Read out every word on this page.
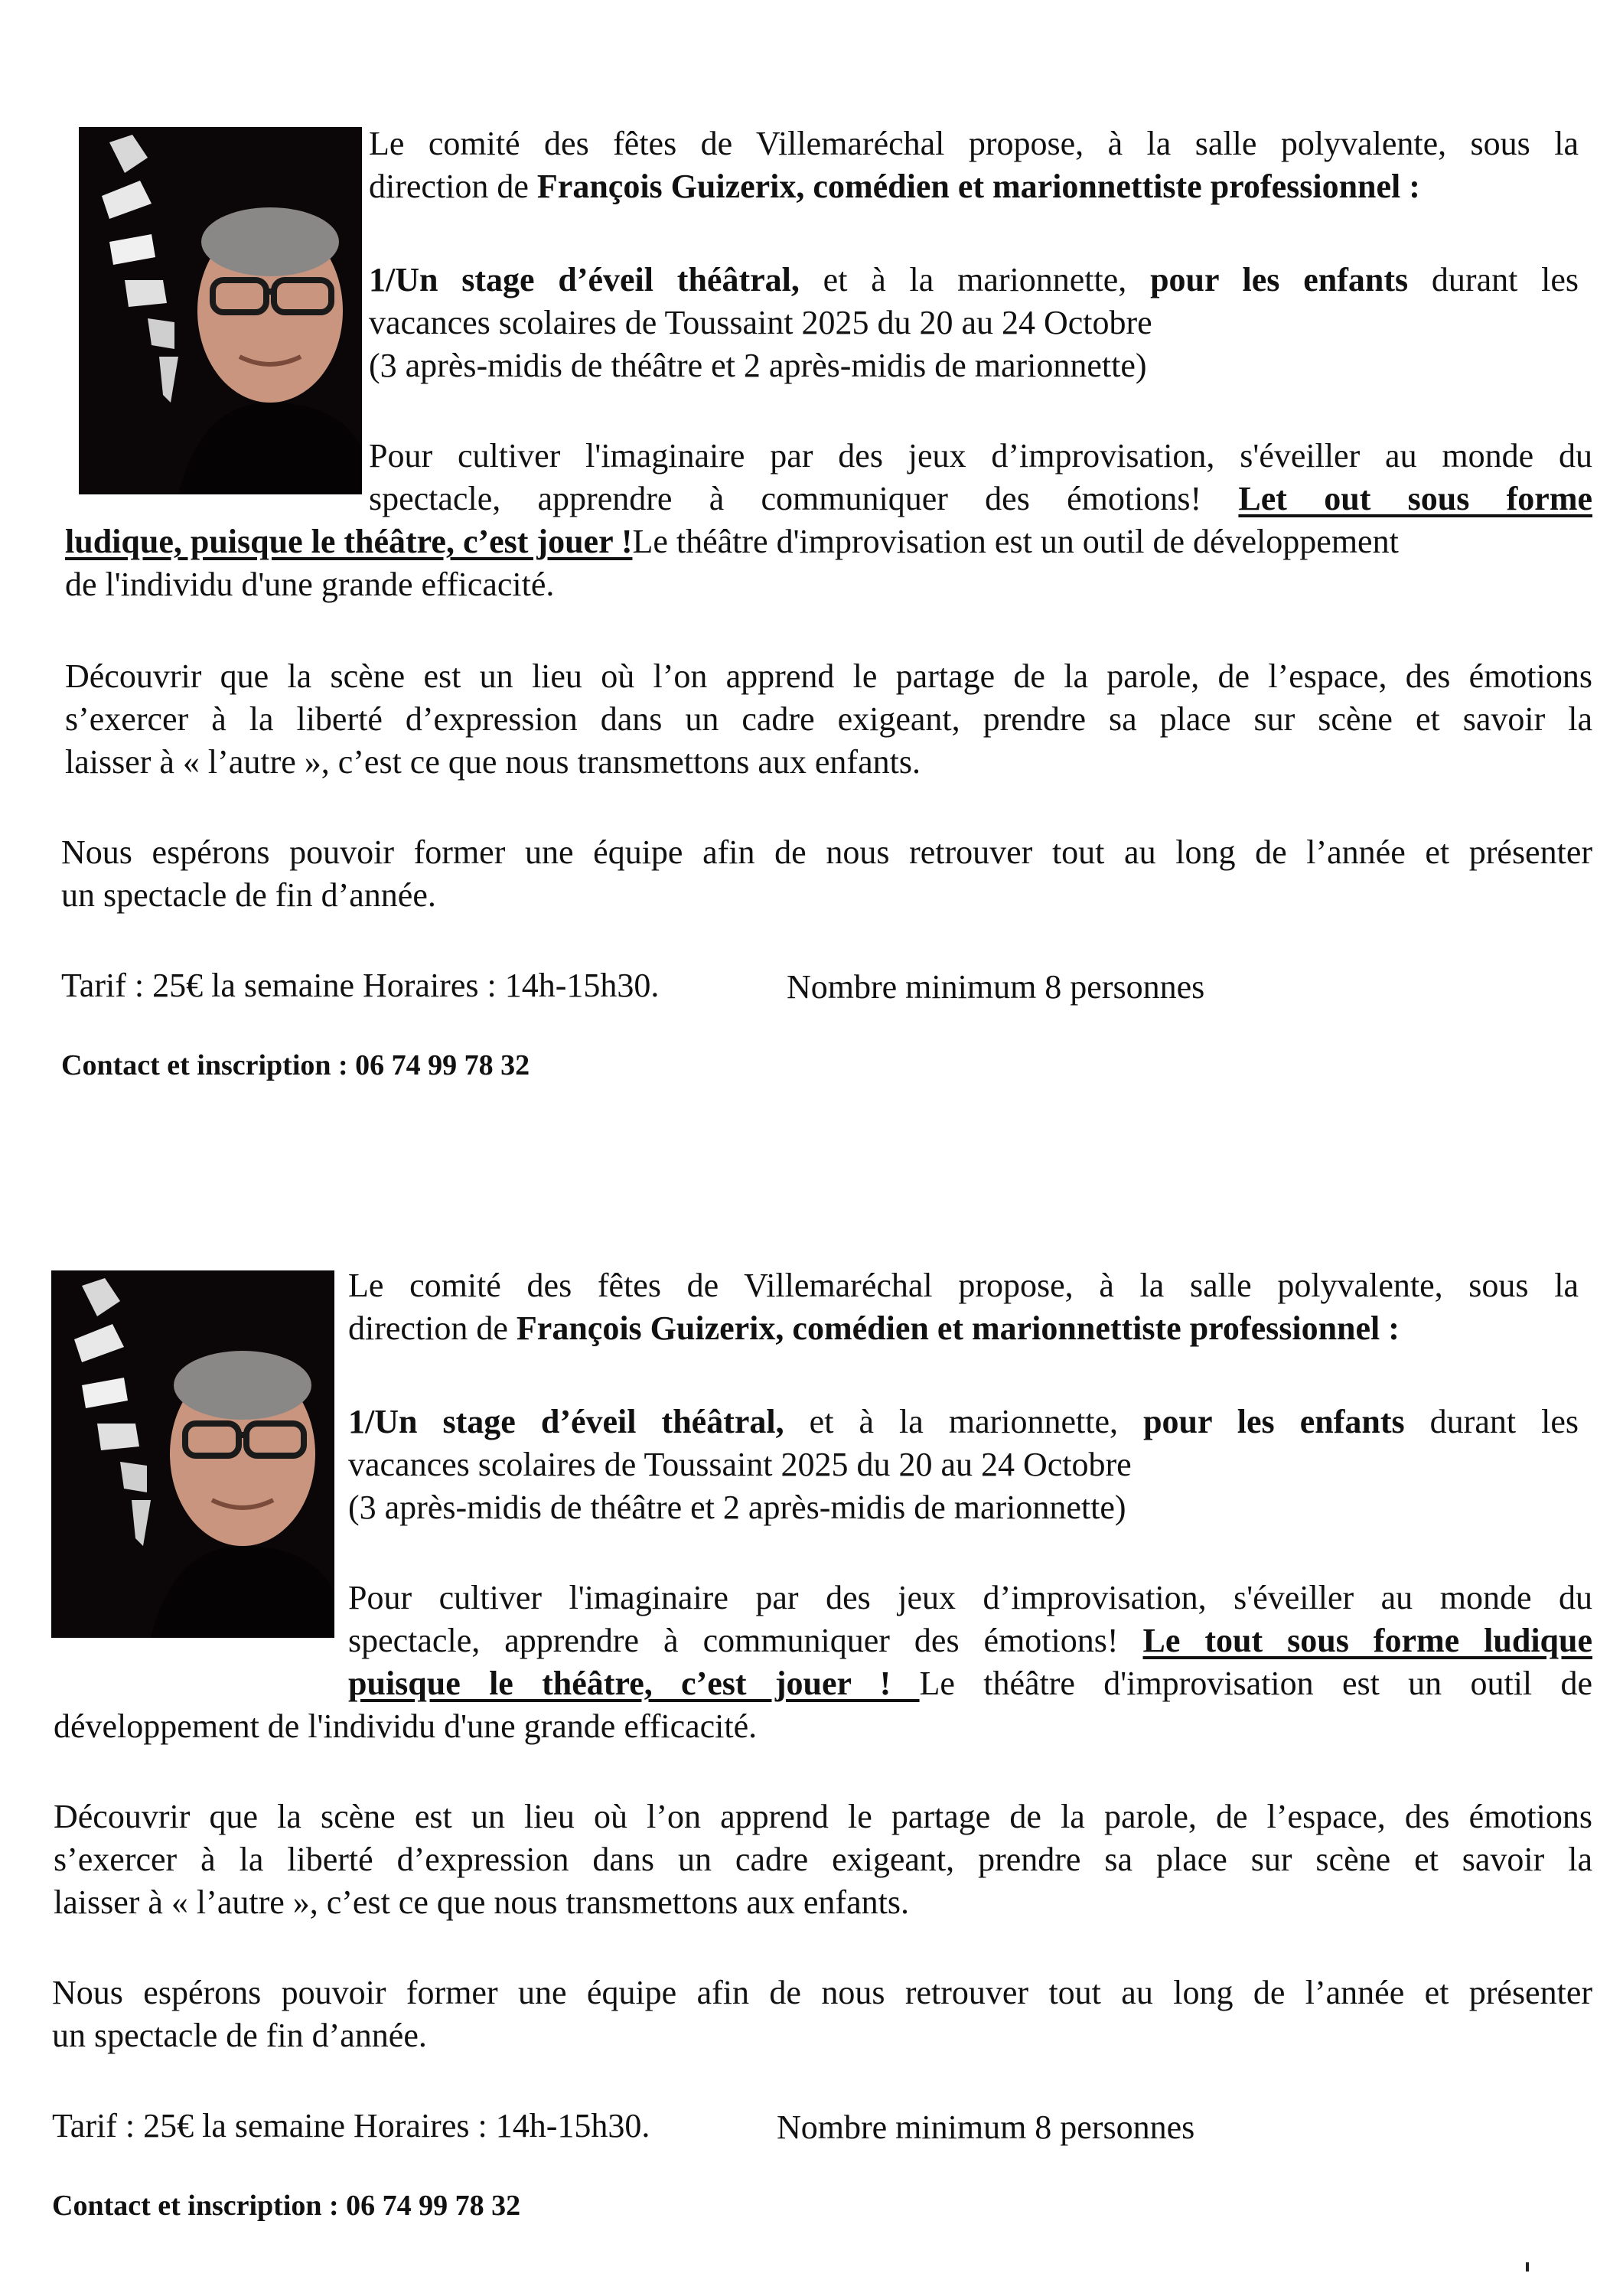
Le comité des fêtes de Villemaréchal propose, à la salle polyvalente, sous la
direction de François Guizerix, comédien et marionnettiste professionnel :
1/Un stage d’éveil théâtral, et à la marionnette, pour les enfants durant les
vacances scolaires de Toussaint 2025 du 20 au 24 Octobre
(3 après-midis de théâtre et 2 après-midis de marionnette)
Pour cultiver l'imaginaire par des jeux d’improvisation, s'éveiller au monde du
spectacle, apprendre à communiquer des émotions! Let out sous forme
ludique, puisque le théâtre, c’est jouer !Le théâtre d'improvisation est un outil de développement
de l'individu d'une grande efficacité.
Découvrir que la scène est un lieu où l’on apprend le partage de la parole, de l’espace, des émotions
s’exercer à la liberté d’expression dans un cadre exigeant, prendre sa place sur scène et savoir la
laisser à « l’autre », c’est ce que nous transmettons aux enfants.
Nous espérons pouvoir former une équipe afin de nous retrouver tout au long de l’année et présenter
un spectacle de fin d’année.
Tarif : 25€ la semaine Horaires : 14h-15h30.	Nombre minimum 8 personnes
Contact et inscription : 06 74 99 78 32
Le comité des fêtes de Villemaréchal propose, à la salle polyvalente, sous la
direction de François Guizerix, comédien et marionnettiste professionnel :
1/Un stage d’éveil théâtral, et à la marionnette, pour les enfants durant les
vacances scolaires de Toussaint 2025 du 20 au 24 Octobre
(3 après-midis de théâtre et 2 après-midis de marionnette)
Pour cultiver l'imaginaire par des jeux d’improvisation, s'éveiller au monde du
spectacle, apprendre à communiquer des émotions! Le tout sous forme ludique
puisque le théâtre, c’est jouer ! Le théâtre d'improvisation est un outil de
développement de l'individu d'une grande efficacité.
Découvrir que la scène est un lieu où l’on apprend le partage de la parole, de l’espace, des émotions
s’exercer à la liberté d’expression dans un cadre exigeant, prendre sa place sur scène et savoir la
laisser à « l’autre », c’est ce que nous transmettons aux enfants.
Nous espérons pouvoir former une équipe afin de nous retrouver tout au long de l’année et présenter
un spectacle de fin d’année.
Tarif : 25€ la semaine Horaires : 14h-15h30.	Nombre minimum 8 personnes
Contact et inscription : 06 74 99 78 32
